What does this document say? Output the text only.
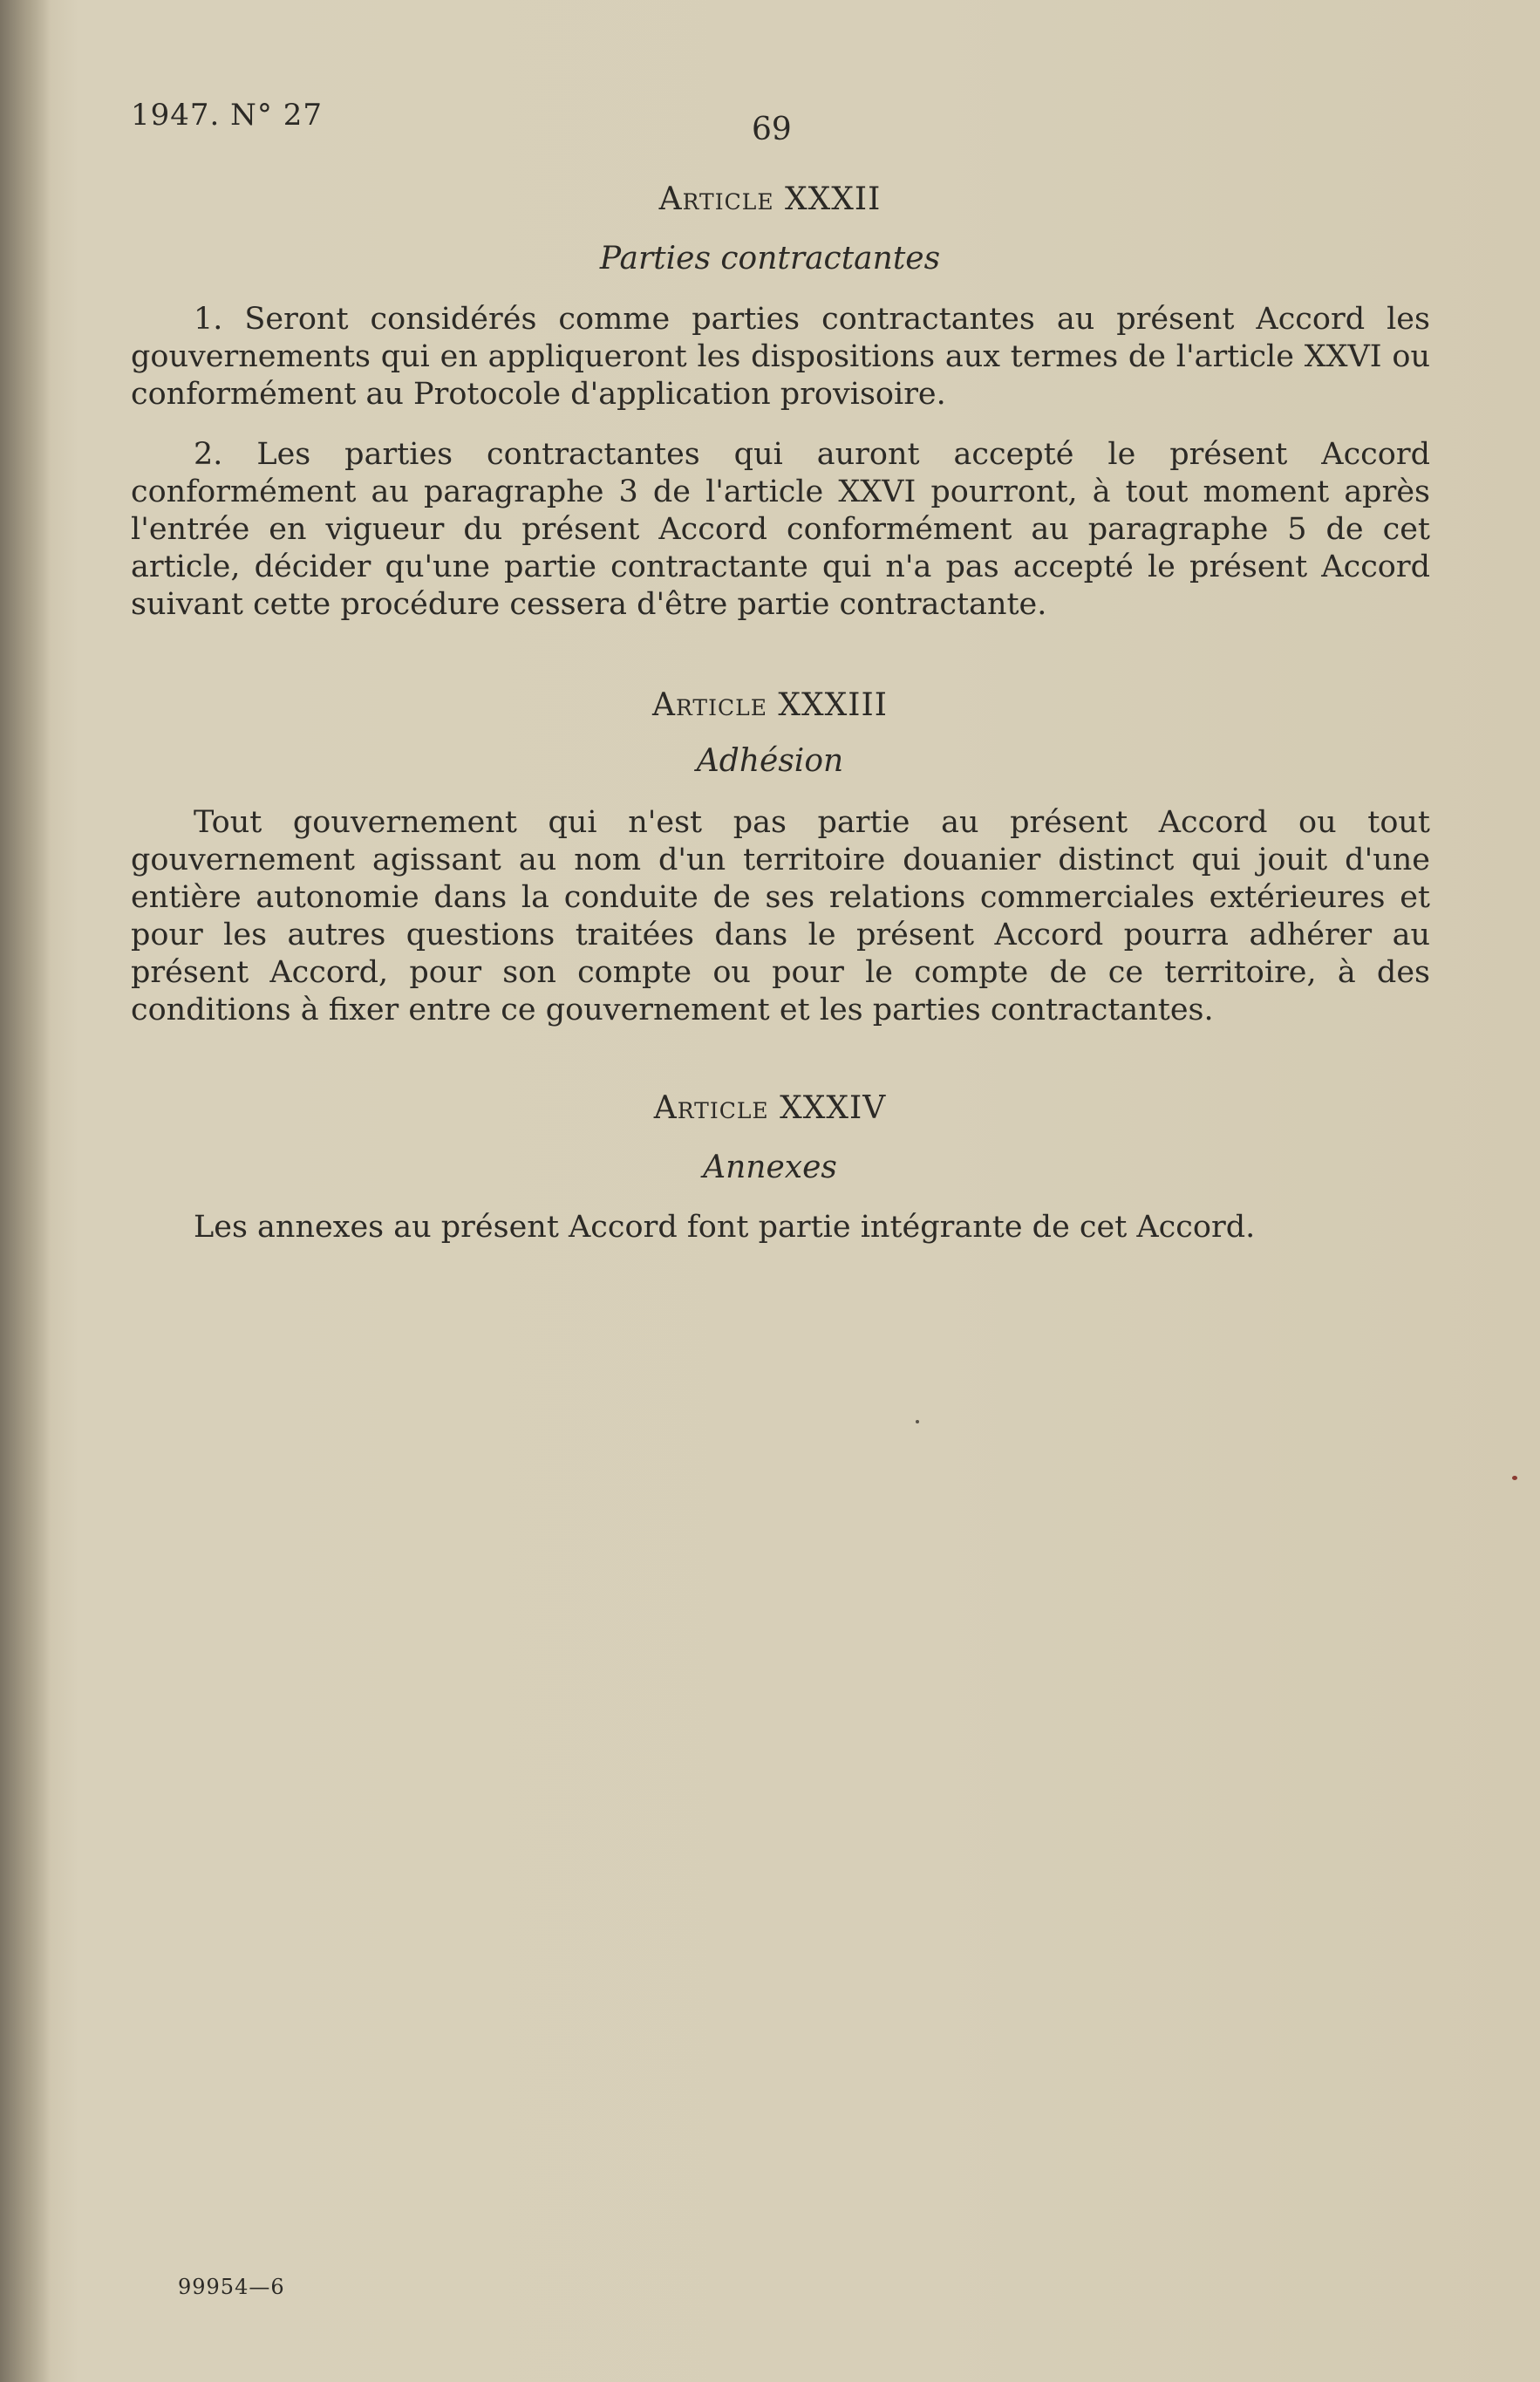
1947. N° 27	69
Article XXXII
Parties contractantes

1. Seront considérés comme parties contractantes au présent Accord les gouvernements qui en appliqueront les dispositions aux termes de l'article XXVI ou conformément au Protocole d'application provisoire.

2. Les parties contractantes qui auront accepté le présent Accord conformément au paragraphe 3 de l'article XXVI pourront, à tout moment après l'entrée en vigueur du présent Accord conformément au paragraphe 5 de cet article, décider qu'une partie contractante qui n'a pas accepté le présent Accord suivant cette procédure cessera d'être partie contractante.

Article XXXIII
Adhésion

Tout gouvernement qui n'est pas partie au présent Accord ou tout gouvernement agissant au nom d'un territoire douanier distinct qui jouit d'une entière autonomie dans la conduite de ses relations commerciales extérieures et pour les autres questions traitées dans le présent Accord pourra adhérer au présent Accord, pour son compte ou pour le compte de ce territoire, à des conditions à fixer entre ce gouvernement et les parties contractantes.

Article XXXIV
Annexes

Les annexes au présent Accord font partie intégrante de cet Accord.

99954—6
